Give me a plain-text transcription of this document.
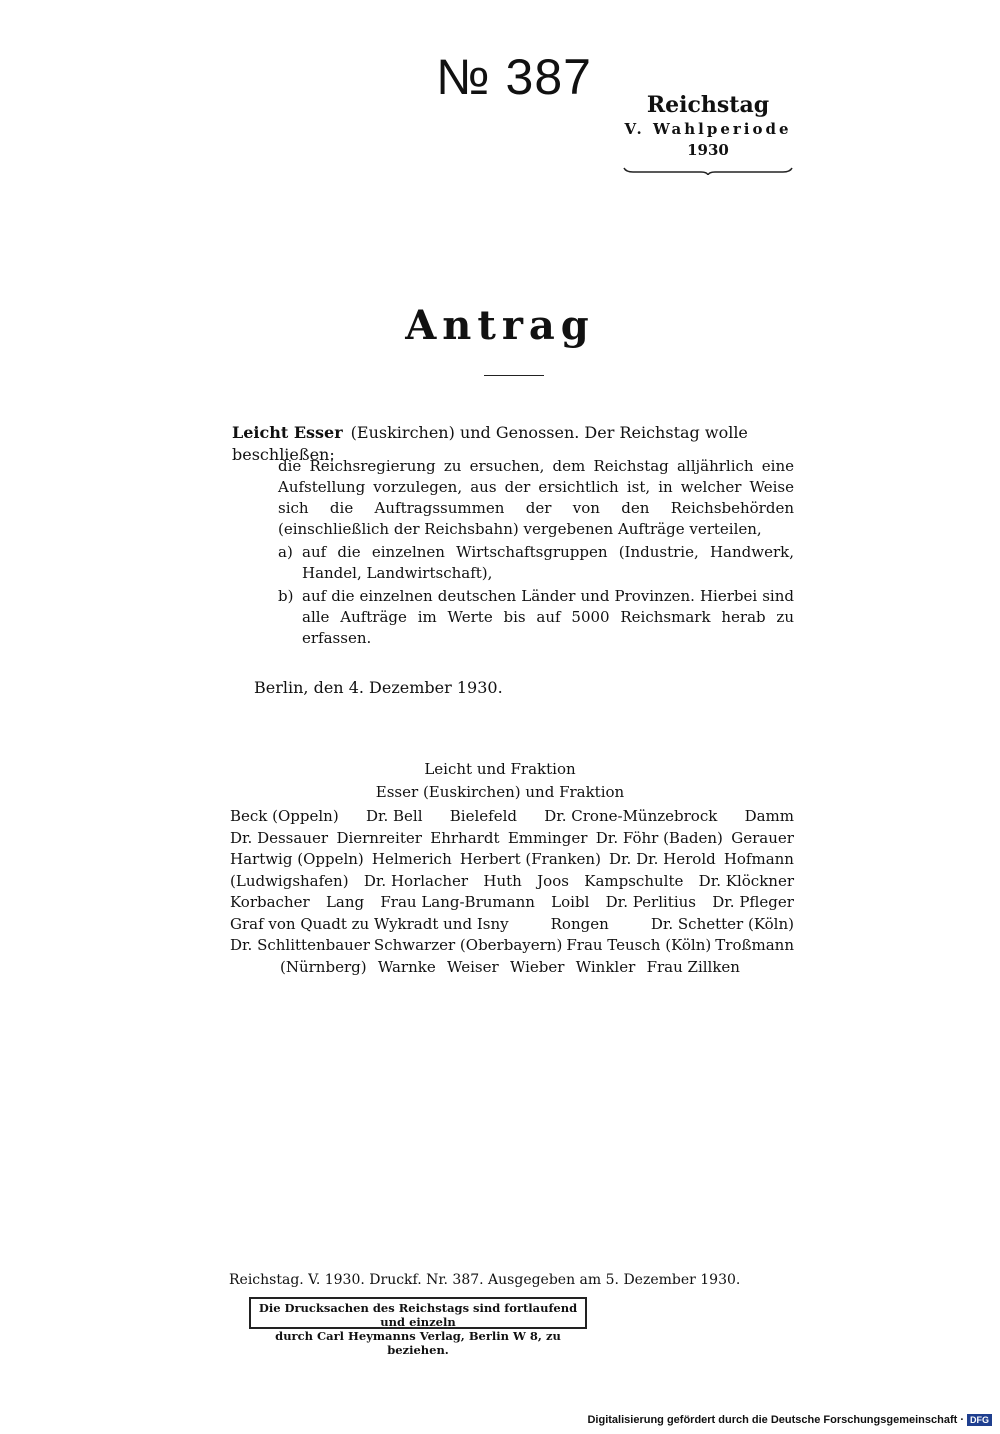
№ 387	Reichstag
V. Wahlperiode
1930
Antrag
Leicht Esser (Euskirchen) und Genossen. Der Reichstag wolle beschließen:

die Reichsregierung zu ersuchen, dem Reichstag alljährlich eine Aufstellung vorzulegen, aus der ersichtlich ist, in welcher Weise sich die Auftragssummen der von den Reichsbehörden (einschließlich der Reichsbahn) vergebenen Aufträge verteilen,

a) auf die einzelnen Wirtschaftsgruppen (Industrie, Handwerk, Handel, Landwirtschaft),
b) auf die einzelnen deutschen Länder und Provinzen. Hierbei sind alle Aufträge im Werte bis auf 5000 Reichsmark herab zu erfassen.
Berlin, den 4. Dezember 1930.
Leicht und Fraktion
Esser (Euskirchen) und Fraktion
Beck (Oppeln) Dr. Bell Bielefeld Dr. Crone-Münzebrock Damm
Dr. Dessauer Diernreiter Ehrhardt Emminger Dr. Föhr (Baden) Gerauer
Hartwig (Oppeln) Helmerich Herbert (Franken) Dr. Dr. Herold Hofmann
(Ludwigshafen) Dr. Horlacher Huth Joos Kampschulte Dr. Klöckner
Korbacher Lang Frau Lang-Brumann Loibl Dr. Perlitius Dr. Pfleger
Graf von Quadt zu Wykradt und Isny	Rongen	Dr. Schetter (Köln)
Dr. Schlittenbauer Schwarzer (Oberbayern) Frau Teusch (Köln) Troßmann
(Nürnberg) Warnke Weiser Wieber Winkler Frau Zillken
Reichstag. V. 1930. Druckf. Nr. 387. Ausgegeben am 5. Dezember 1930.
Die Drucksachen des Reichstags sind fortlaufend und einzeln
durch Carl Heymanns Verlag, Berlin W 8, zu beziehen.
Digitalisierung gefördert durch die Deutsche Forschungsgemeinschaft · DFG
